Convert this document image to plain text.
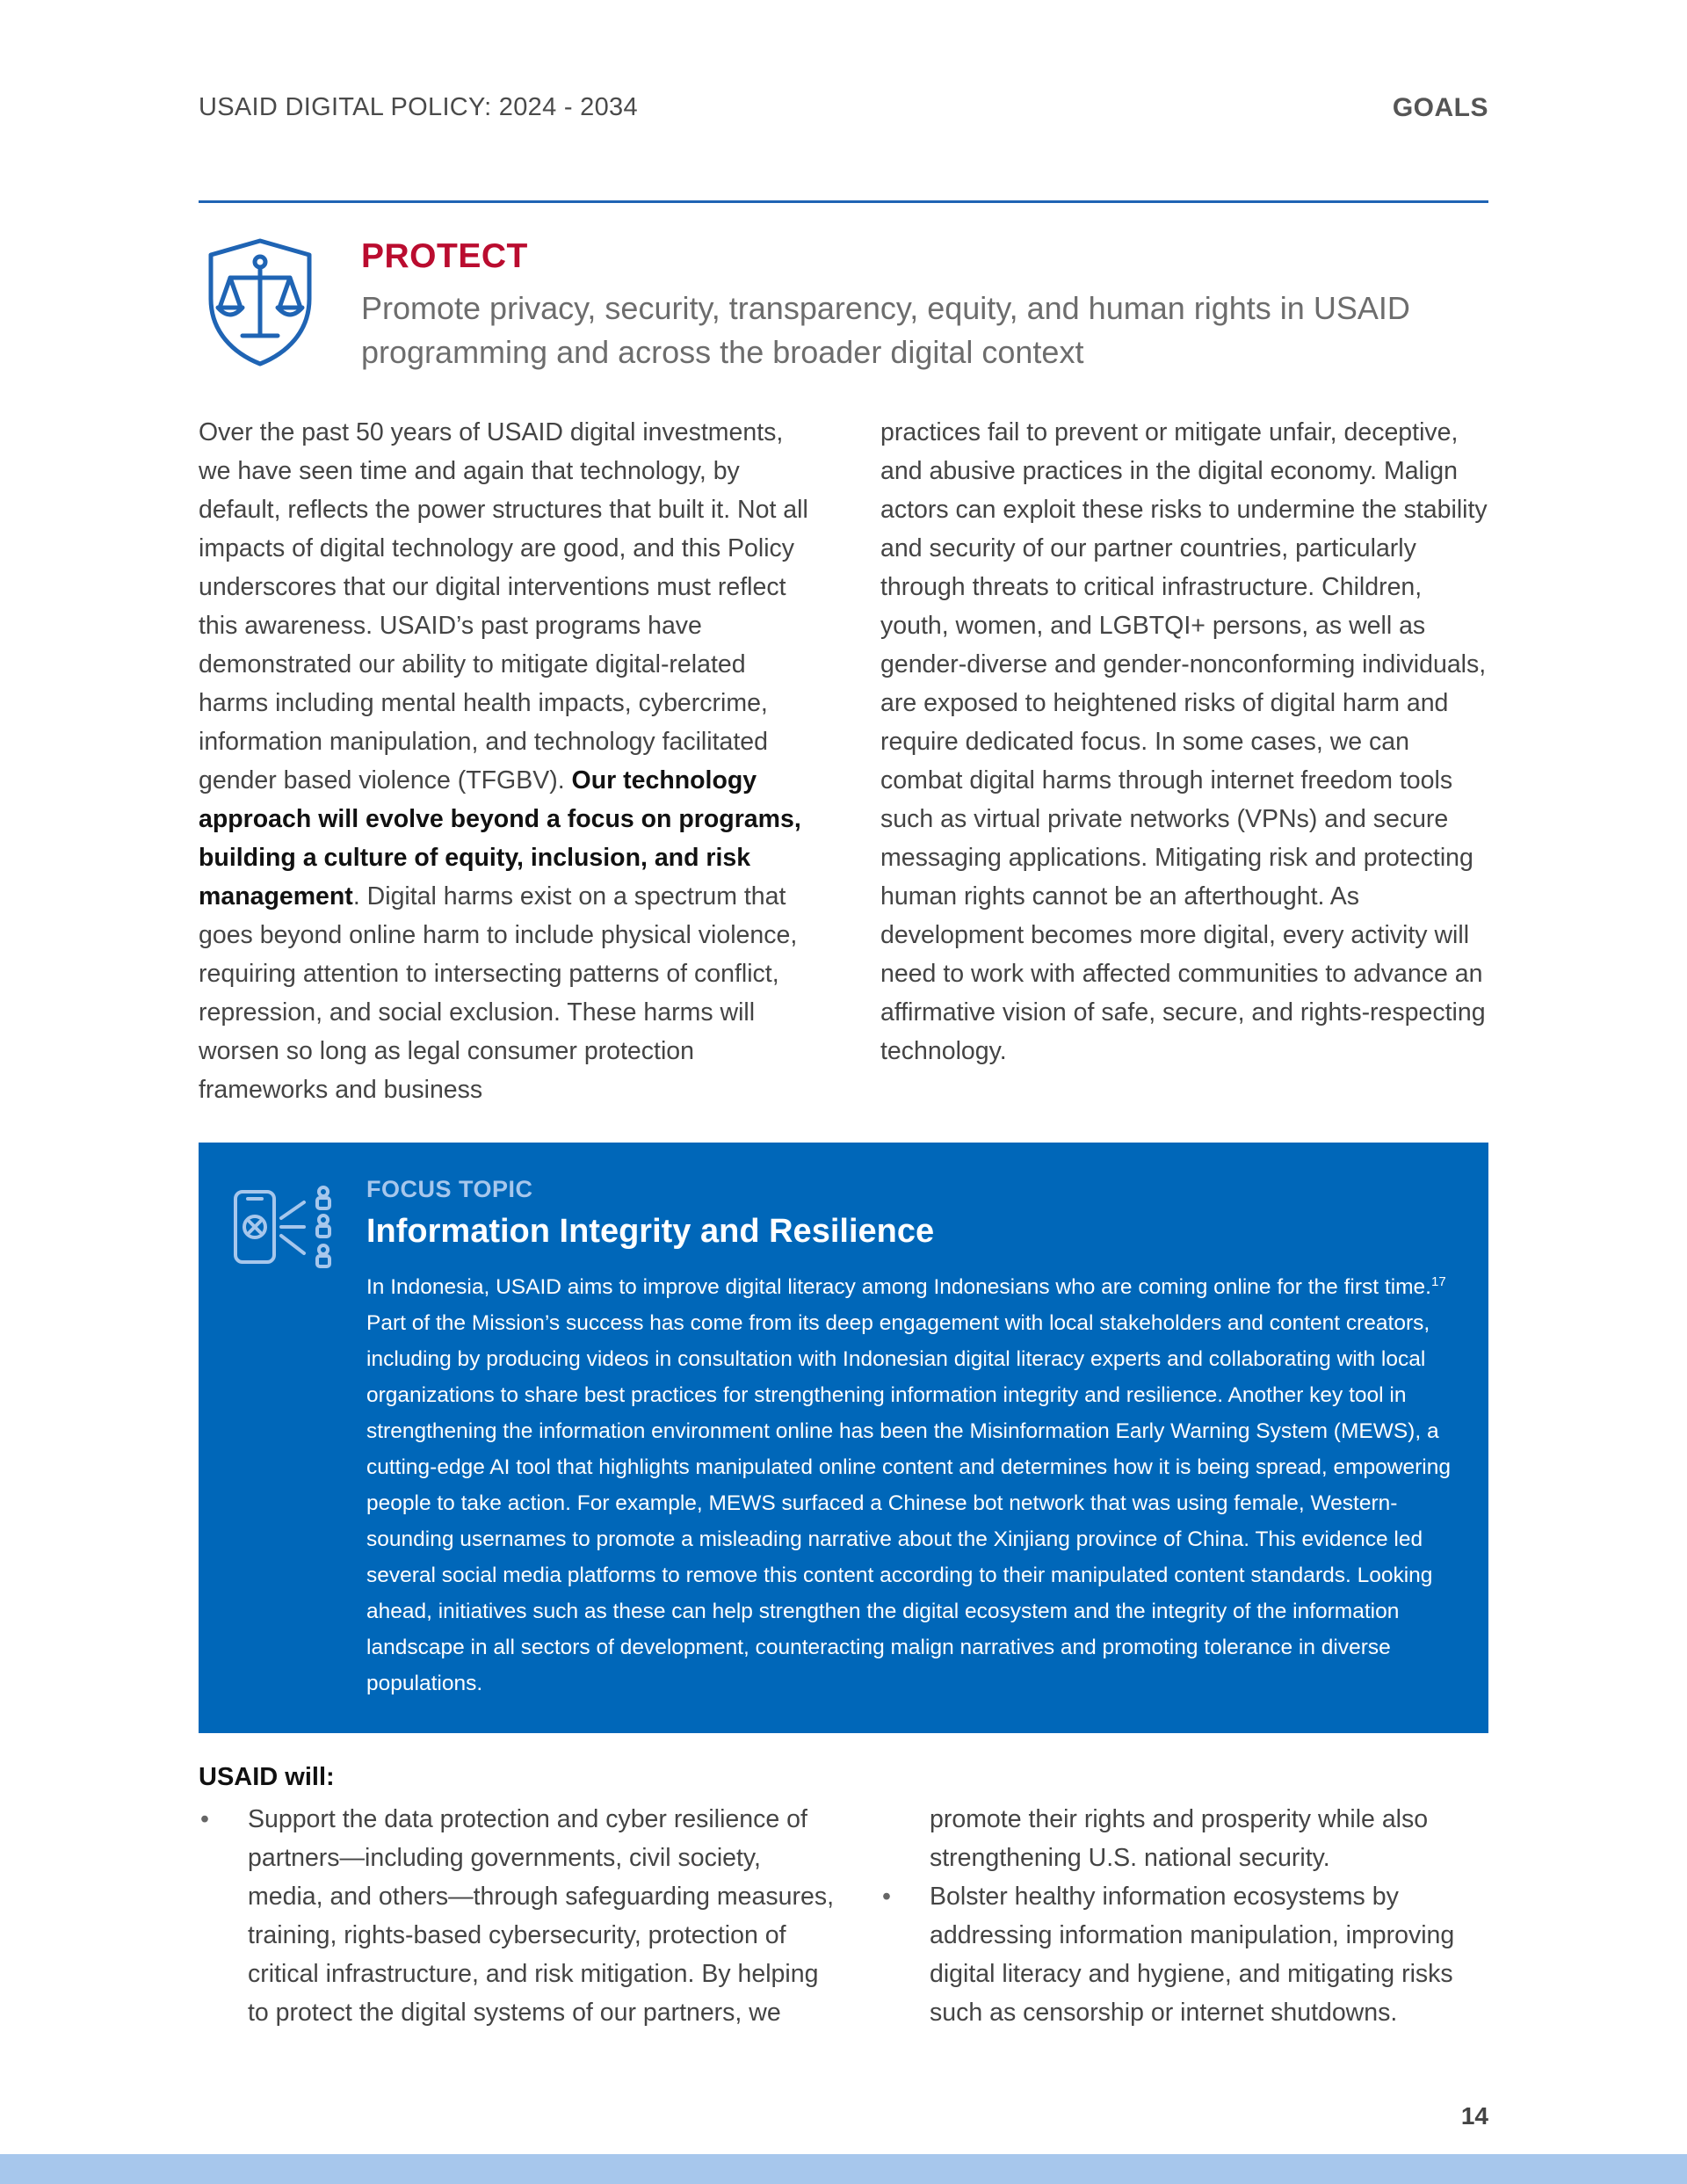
USAID DIGITAL POLICY: 2024 - 2034	GOALS
PROTECT
Promote privacy, security, transparency, equity, and human rights in USAID programming and across the broader digital context

Over the past 50 years of USAID digital investments, we have seen time and again that technology, by default, reflects the power structures that built it. Not all impacts of digital technology are good, and this Policy underscores that our digital interventions must reflect this awareness. USAID’s past programs have demonstrated our ability to mitigate digital-related harms including mental health impacts, cybercrime, information manipulation, and technology facilitated gender based violence (TFGBV). Our technology approach will evolve beyond a focus on programs, building a culture of equity, inclusion, and risk management. Digital harms exist on a spectrum that goes beyond online harm to include physical violence, requiring attention to intersecting patterns of conflict, repression, and social exclusion. These harms will worsen so long as legal consumer protection frameworks and business

practices fail to prevent or mitigate unfair, deceptive, and abusive practices in the digital economy. Malign actors can exploit these risks to undermine the stability and security of our partner countries, particularly through threats to critical infrastructure. Children, youth, women, and LGBTQI+ persons, as well as gender-diverse and gender-nonconforming individuals, are exposed to heightened risks of digital harm and require dedicated focus. In some cases, we can combat digital harms through internet freedom tools such as virtual private networks (VPNs) and secure messaging applications. Mitigating risk and protecting human rights cannot be an afterthought. As development becomes more digital, every activity will need to work with affected communities to advance an affirmative vision of safe, secure, and rights-respecting technology.

FOCUS TOPIC
Information Integrity and Resilience
In Indonesia, USAID aims to improve digital literacy among Indonesians who are coming online for the first time.$^{17}$ Part of the Mission’s success has come from its deep engagement with local stakeholders and content creators, including by producing videos in consultation with Indonesian digital literacy experts and collaborating with local organizations to share best practices for strengthening information integrity and resilience. Another key tool in strengthening the information environment online has been the Misinformation Early Warning System (MEWS), a cutting-edge AI tool that highlights manipulated online content and determines how it is being spread, empowering people to take action. For example, MEWS surfaced a Chinese bot network that was using female, Western-sounding usernames to promote a misleading narrative about the Xinjiang province of China. This evidence led several social media platforms to remove this content according to their manipulated content standards. Looking ahead, initiatives such as these can help strengthen the digital ecosystem and the integrity of the information landscape in all sectors of development, counteracting malign narratives and promoting tolerance in diverse populations.
USAID will:
• Support the data protection and cyber resilience of partners—including governments, civil society, media, and others—through safeguarding measures, training, rights-based cybersecurity, protection of critical infrastructure, and risk mitigation. By helping to protect the digital systems of our partners, we
promote their rights and prosperity while also strengthening U.S. national security.
• Bolster healthy information ecosystems by addressing information manipulation, improving digital literacy and hygiene, and mitigating risks such as censorship or internet shutdowns.
14
